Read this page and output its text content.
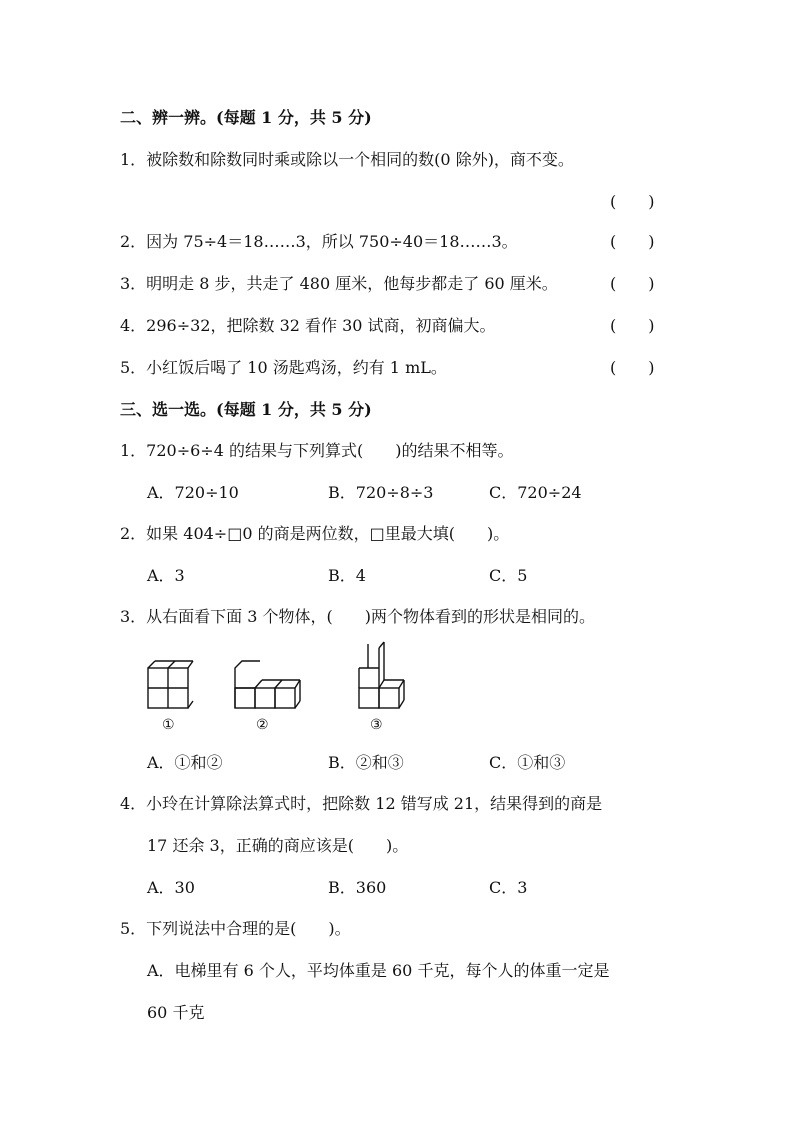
二、辨一辨。(每题 1 分，共 5 分)
1．被除数和除数同时乘或除以一个相同的数(0 除外)，商不变。
(　　)
2．因为 75÷4＝18……3，所以 750÷40＝18……3。	(　　)
3．明明走 8 步，共走了 480 厘米，他每步都走了 60 厘米。	(　　)
4．296÷32，把除数 32 看作 30 试商，初商偏大。	(　　)
5．小红饭后喝了 10 汤匙鸡汤，约有 1 mL。	(　　)
三、选一选。(每题 1 分，共 5 分)
1．720÷6÷4 的结果与下列算式(　　)的结果不相等。
A．720÷10	B．720÷8÷3	C．720÷24
2．如果 404÷□0 的商是两位数，□里最大填(　　)。
A．3	B．4	C．5
3．从右面看下面 3 个物体，(　　)两个物体看到的形状是相同的。
①	②	③
A．①和②	B．②和③	C．①和③
4．小玲在计算除法算式时，把除数 12 错写成 21，结果得到的商是
17 还余 3，正确的商应该是(　　)。
A．30	B．360	C．3
5．下列说法中合理的是(　　)。
A．电梯里有 6 个人，平均体重是 60 千克，每个人的体重一定是
60 千克
